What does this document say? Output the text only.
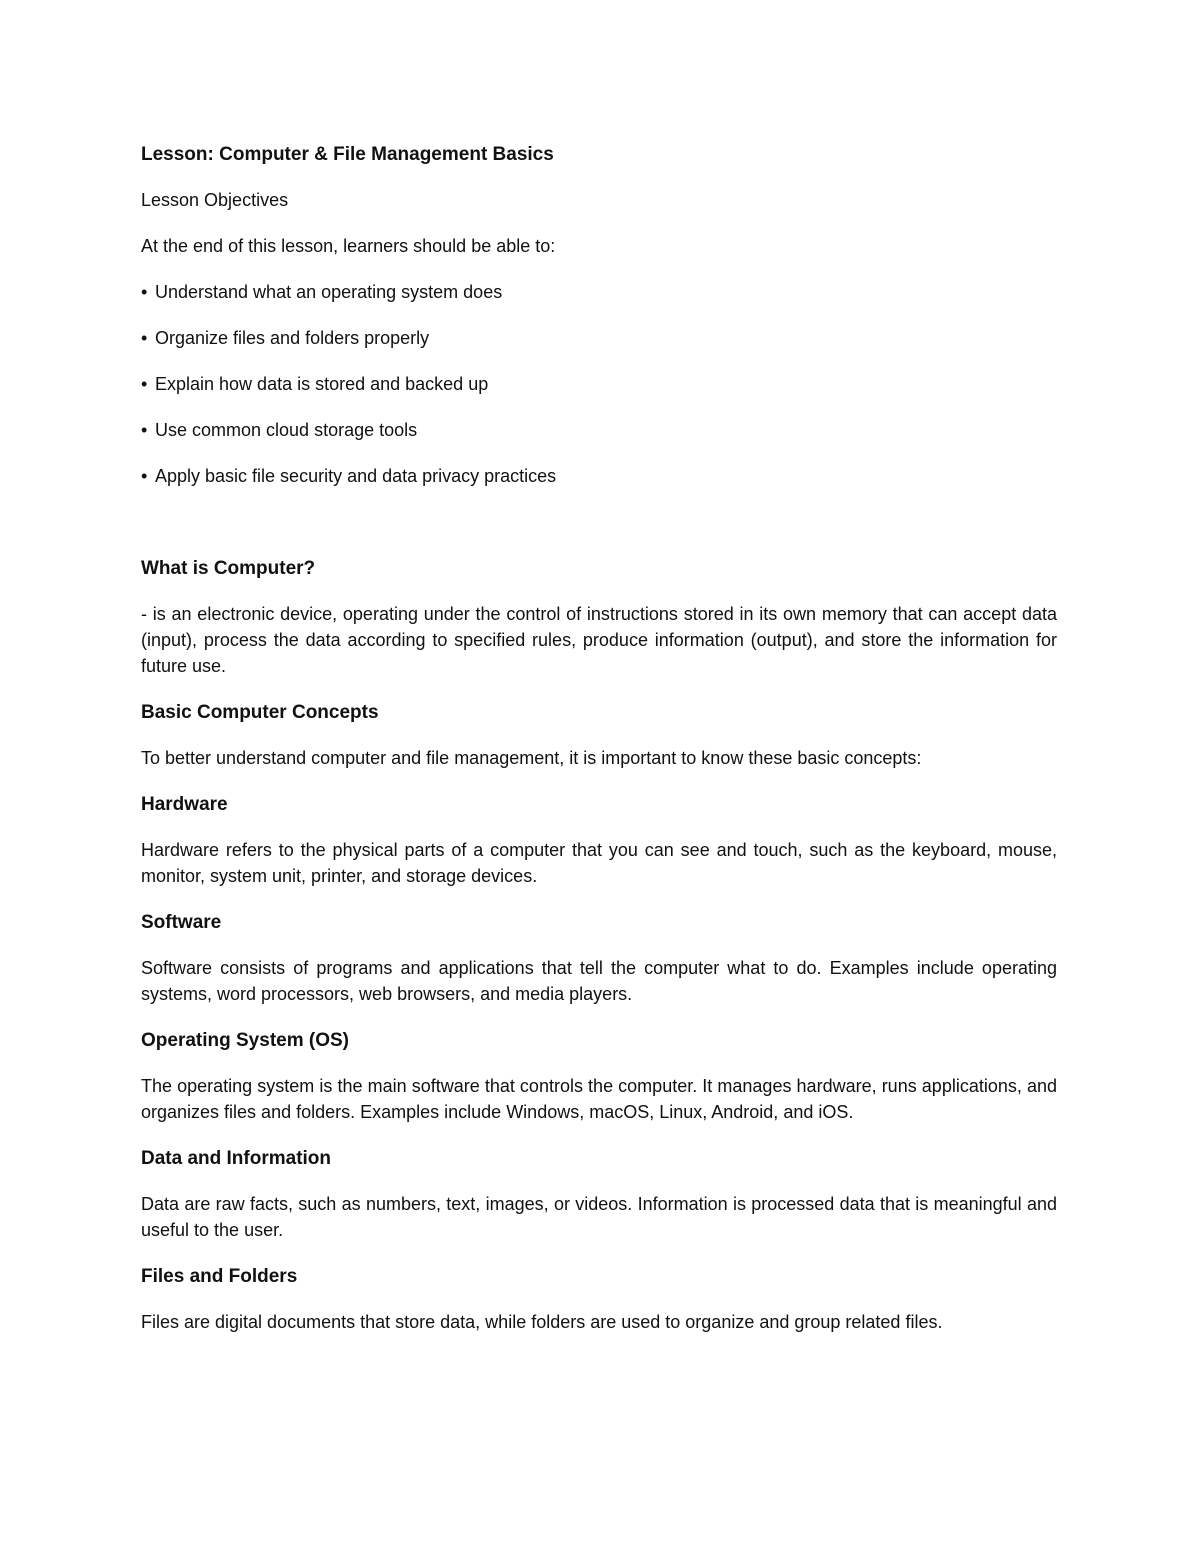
Lesson: Computer & File Management Basics
Lesson Objectives
At the end of this lesson, learners should be able to:
• Understand what an operating system does
• Organize files and folders properly
• Explain how data is stored and backed up
• Use common cloud storage tools
• Apply basic file security and data privacy practices
What is Computer?
- is an electronic device, operating under the control of instructions stored in its own memory that can accept data (input), process the data according to specified rules, produce information (output), and store the information for future use.
Basic Computer Concepts
To better understand computer and file management, it is important to know these basic concepts:
Hardware
Hardware refers to the physical parts of a computer that you can see and touch, such as the keyboard, mouse, monitor, system unit, printer, and storage devices.
Software
Software consists of programs and applications that tell the computer what to do. Examples include operating systems, word processors, web browsers, and media players.
Operating System (OS)
The operating system is the main software that controls the computer. It manages hardware, runs applications, and organizes files and folders. Examples include Windows, macOS, Linux, Android, and iOS.
Data and Information
Data are raw facts, such as numbers, text, images, or videos. Information is processed data that is meaningful and useful to the user.
Files and Folders
Files are digital documents that store data, while folders are used to organize and group related files.
